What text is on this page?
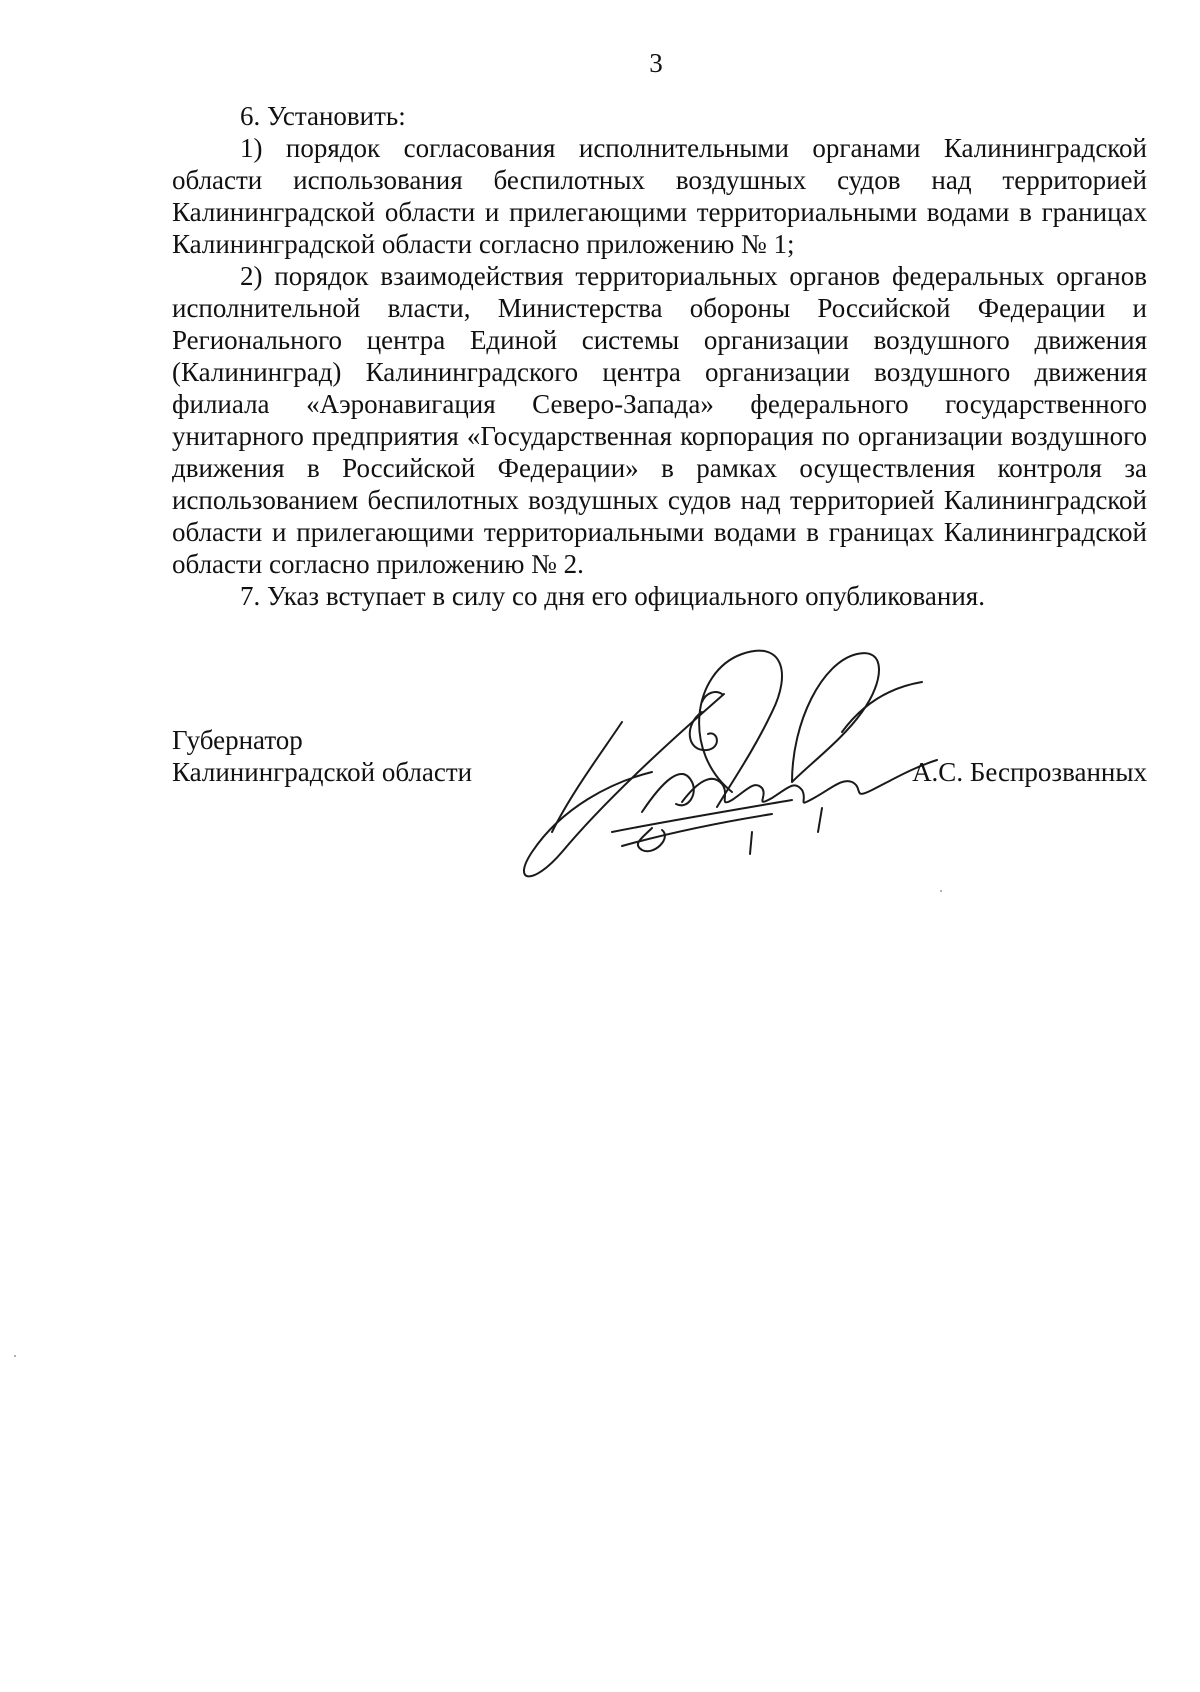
3

6. Установить:

1) порядок согласования исполнительными органами Калининградской области использования беспилотных воздушных судов над территорией Калининградской области и прилегающими территориальными водами в границах Калининградской области согласно приложению № 1;

2) порядок взаимодействия территориальных органов федеральных органов исполнительной власти, Министерства обороны Российской Федерации и Регионального центра Единой системы организации воздушного движения (Калининград) Калининградского центра организации воздушного движения филиала «Аэронавигация Северо-Запада» федерального государственного унитарного предприятия «Государственная корпорация по организации воздушного движения в Российской Федерации» в рамках осуществления контроля за использованием беспилотных воздушных судов над территорией Калининградской области и прилегающими территориальными водами в границах Калининградской области согласно приложению № 2.

7. Указ вступает в силу со дня его официального опубликования.

Губернатор
Калининградской области	А.С. Беспрозванных
